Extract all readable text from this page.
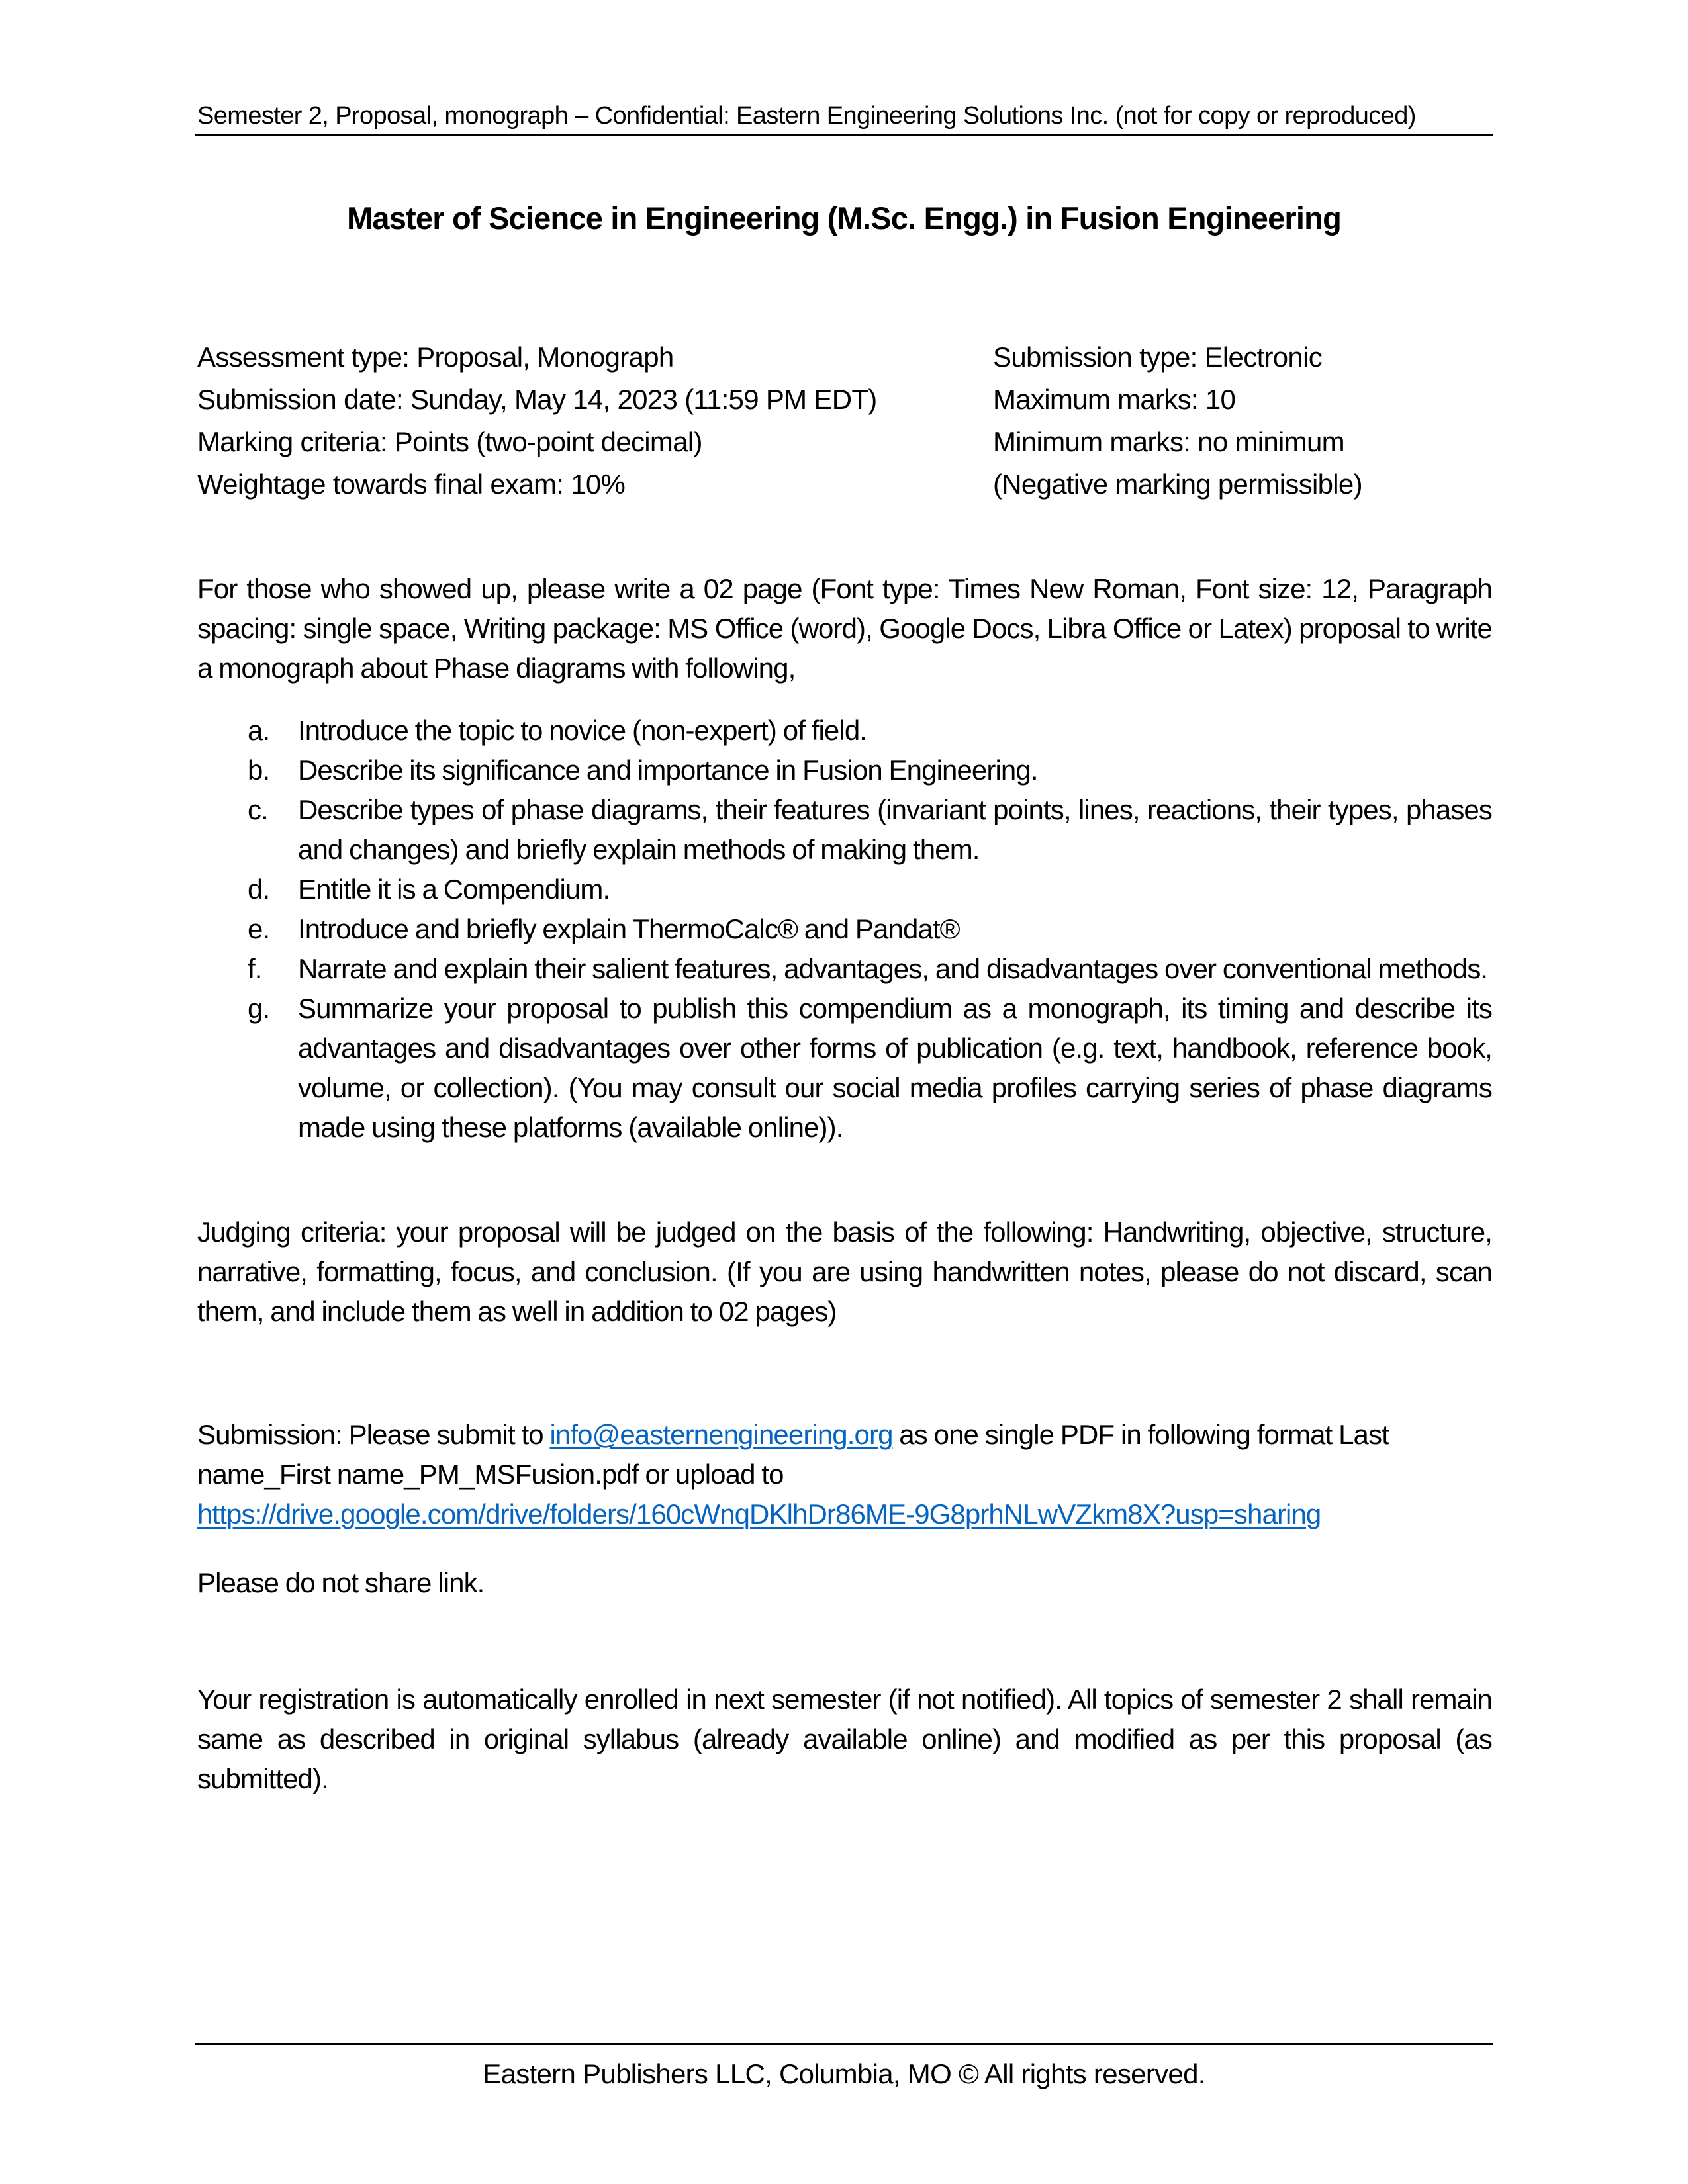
Semester 2, Proposal, monograph – Confidential: Eastern Engineering Solutions Inc. (not for copy or reproduced)
Master of Science in Engineering (M.Sc. Engg.) in Fusion Engineering
Assessment type: Proposal, Monograph
Submission date: Sunday, May 14, 2023 (11:59 PM EDT)
Marking criteria: Points (two-point decimal)
Weightage towards final exam: 10%
Submission type: Electronic
Maximum marks: 10
Minimum marks: no minimum
(Negative marking permissible)
For those who showed up, please write a 02 page (Font type: Times New Roman, Font size: 12, Paragraph spacing: single space, Writing package: MS Office (word), Google Docs, Libra Office or Latex) proposal to write a monograph about Phase diagrams with following,
a. Introduce the topic to novice (non-expert) of field.
b. Describe its significance and importance in Fusion Engineering.
c. Describe types of phase diagrams, their features (invariant points, lines, reactions, their types, phases and changes) and briefly explain methods of making them.
d. Entitle it is a Compendium.
e. Introduce and briefly explain ThermoCalc® and Pandat®
f. Narrate and explain their salient features, advantages, and disadvantages over conventional methods.
g. Summarize your proposal to publish this compendium as a monograph, its timing and describe its advantages and disadvantages over other forms of publication (e.g. text, handbook, reference book, volume, or collection). (You may consult our social media profiles carrying series of phase diagrams made using these platforms (available online)).
Judging criteria: your proposal will be judged on the basis of the following: Handwriting, objective, structure, narrative, formatting, focus, and conclusion. (If you are using handwritten notes, please do not discard, scan them, and include them as well in addition to 02 pages)
Submission: Please submit to info@easternengineering.org as one single PDF in following format Last name_First name_PM_MSFusion.pdf or upload to https://drive.google.com/drive/folders/160cWnqDKlhDr86ME-9G8prhNLwVZkm8X?usp=sharing
Please do not share link.
Your registration is automatically enrolled in next semester (if not notified). All topics of semester 2 shall remain same as described in original syllabus (already available online) and modified as per this proposal (as submitted).
Eastern Publishers LLC, Columbia, MO © All rights reserved.
